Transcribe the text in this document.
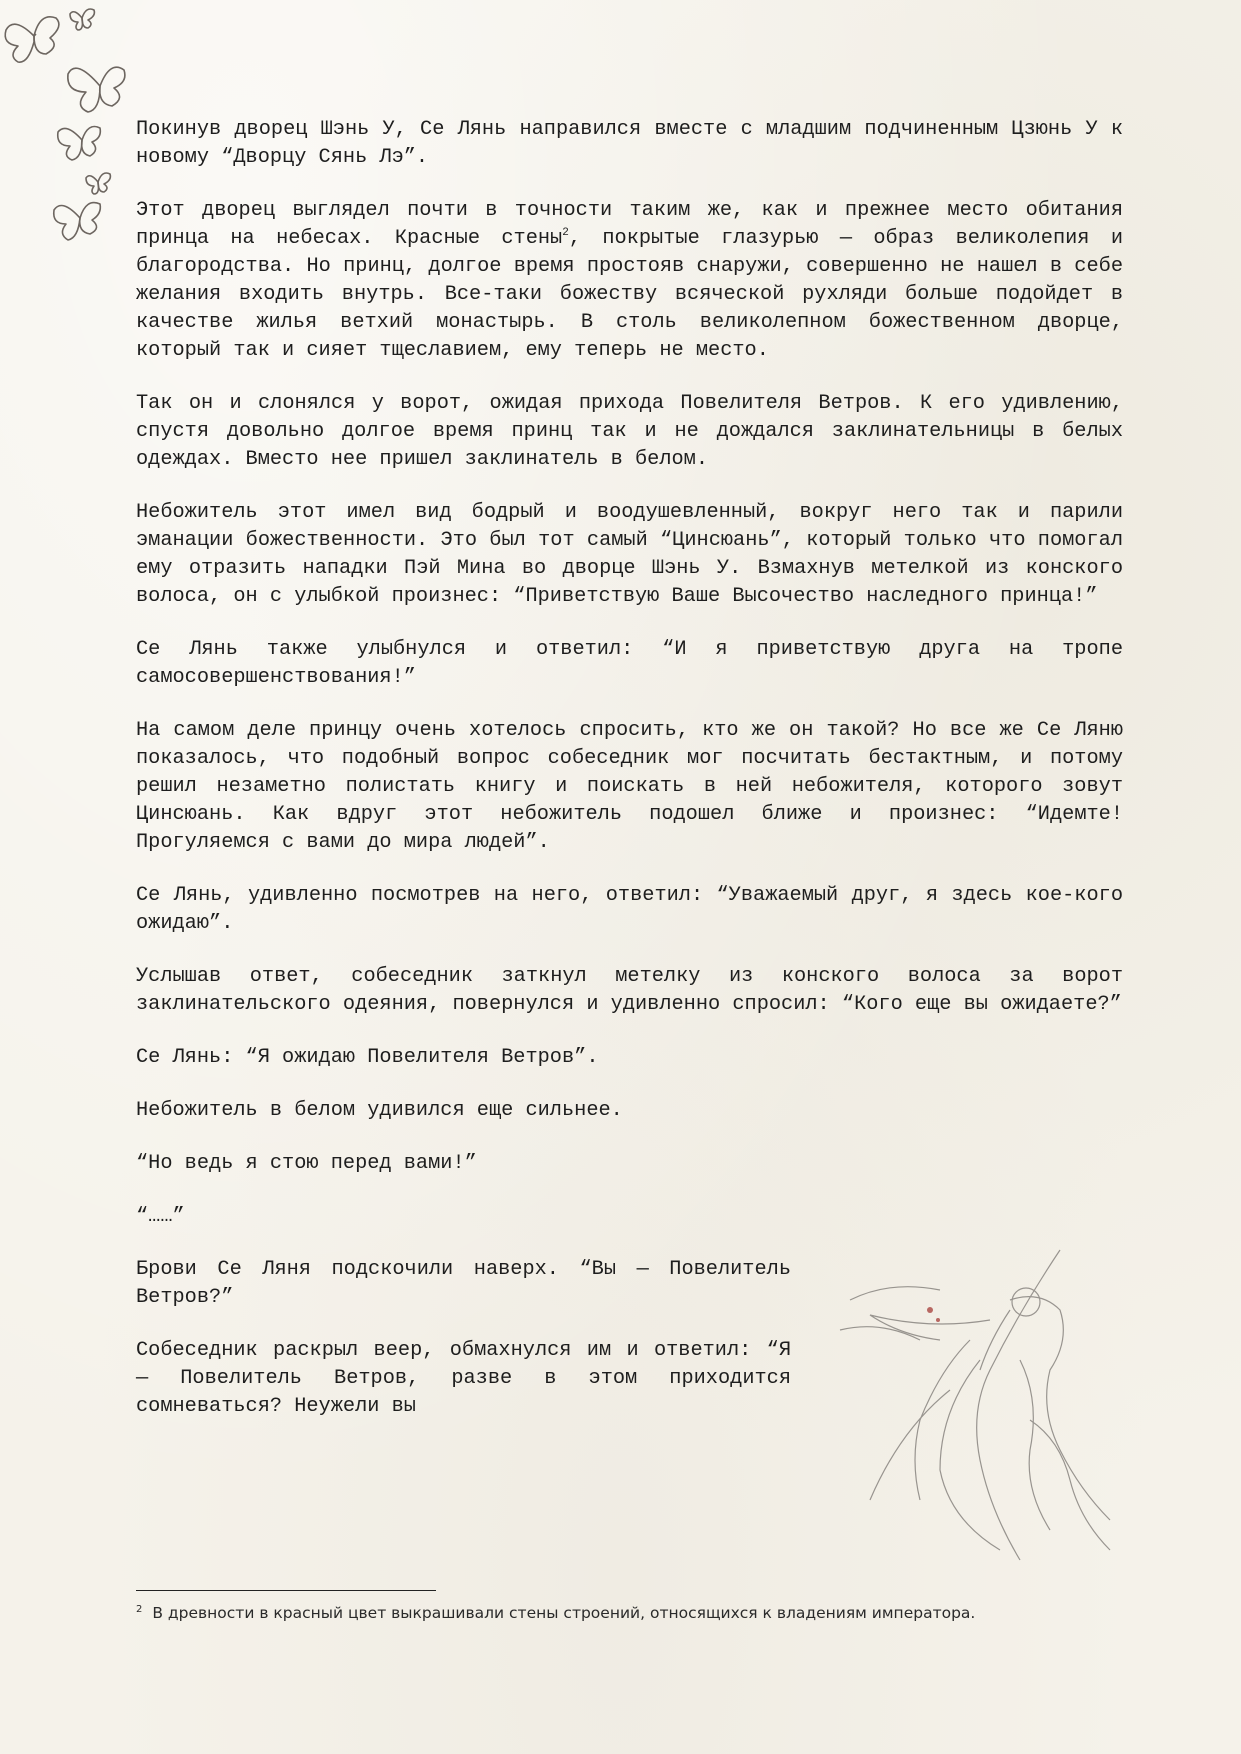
Покинув дворец Шэнь У, Се Лянь направился вместе с младшим подчиненным Цзюнь У к новому “Дворцу Сянь Лэ”.

Этот дворец выглядел почти в точности таким же, как и прежнее место обитания принца на небесах. Красные стены$^2$, покрытые глазурью — образ великолепия и благородства. Но принц, долгое время простояв снаружи, совершенно не нашел в себе желания входить внутрь. Все-таки божеству всяческой рухляди больше подойдет в качестве жилья ветхий монастырь. В столь великолепном божественном дворце, который так и сияет тщеславием, ему теперь не место.

Так он и слонялся у ворот, ожидая прихода Повелителя Ветров. К его удивлению, спустя довольно долгое время принц так и не дождался заклинательницы в белых одеждах. Вместо нее пришел заклинатель в белом.

Небожитель этот имел вид бодрый и воодушевленный, вокруг него так и парили эманации божественности. Это был тот самый “Цинсюань”, который только что помогал ему отразить нападки Пэй Мина во дворце Шэнь У. Взмахнув метелкой из конского волоса, он с улыбкой произнес: “Приветствую Ваше Высочество наследного принца!”

Се Лянь также улыбнулся и ответил: “И я приветствую друга на тропе самосовершенствования!”

На самом деле принцу очень хотелось спросить, кто же он такой? Но все же Се Ляню показалось, что подобный вопрос собеседник мог посчитать бестактным, и потому решил незаметно полистать книгу и поискать в ней небожителя, которого зовут Цинсюань. Как вдруг этот небожитель подошел ближе и произнес: “Идемте! Прогуляемся с вами до мира людей”.

Се Лянь, удивленно посмотрев на него, ответил: “Уважаемый друг, я здесь кое-кого ожидаю”.

Услышав ответ, собеседник заткнул метелку из конского волоса за ворот заклинательского одеяния, повернулся и удивленно спросил: “Кого еще вы ожидаете?”

Се Лянь: “Я ожидаю Повелителя Ветров”.

Небожитель в белом удивился еще сильнее.

“Но ведь я стою перед вами!”

“……”

Брови Се Ляня подскочили наверх. “Вы — Повелитель Ветров?”

Собеседник раскрыл веер, обмахнулся им и ответил: “Я — Повелитель Ветров, разве в этом приходится сомневаться? Неужели вы

$^2$ В древности в красный цвет выкрашивали стены строений, относящихся к владениям императора.
